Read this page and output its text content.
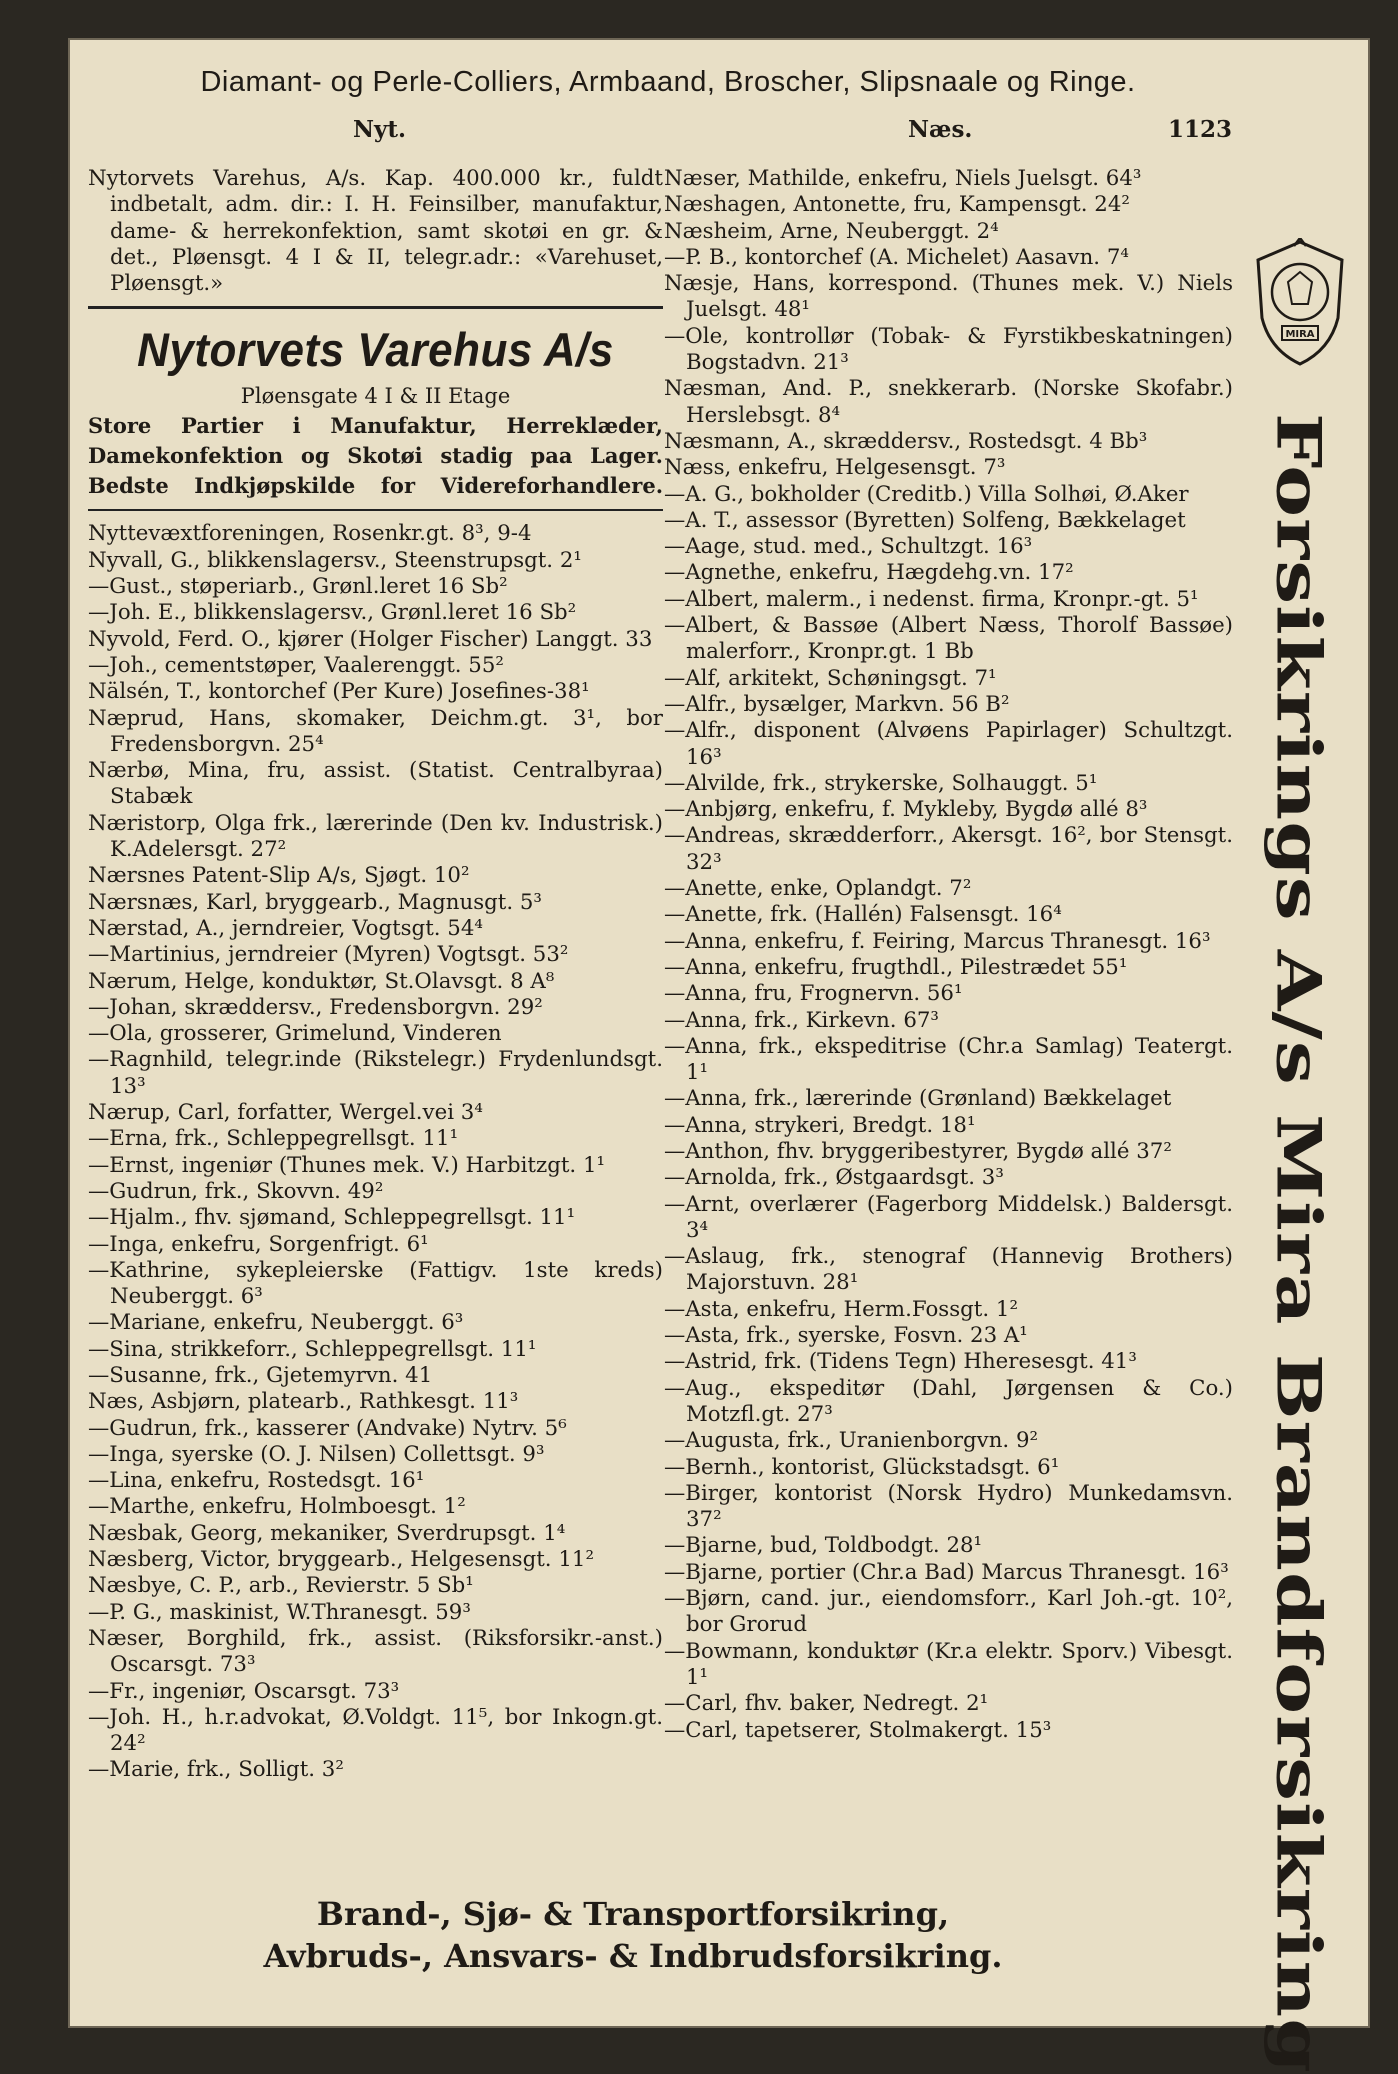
Diamant- og Perle-Colliers, Armbaand, Broscher, Slipsnaale og Ringe.
Nyt.	Næs.	1123
Nytorvets Varehus, A/s. Kap. 400.000 kr., fuldt indbetalt, adm. dir.: I. H. Feinsilber, manufaktur, dame- & herrekonfektion, samt skotøi en gr. & det., Pløensgt. 4 I & II, telegr.adr.: «Varehuset, Pløensgt.»
Nytorvets Varehus A/s
Pløensgate 4 I & II Etage
Store Partier i Manufaktur, Herreklæder,
Damekonfektion og Skotøi stadig paa Lager.
Bedste Indkjøpskilde for Videreforhandlere.
Nyttevæxtforeningen, Rosenkr.gt. 8³, 9-4
Nyvall, G., blikkenslagersv., Steenstrupsgt. 2¹
—Gust., støperiarb., Grønl.leret 16 Sb²
—Joh. E., blikkenslagersv., Grønl.leret 16 Sb²
Nyvold, Ferd. O., kjører (Holger Fischer) Langgt. 33
—Joh., cementstøper, Vaalerenggt. 55²
Nälsén, T., kontorchef (Per Kure) Josefines-38¹
Næprud, Hans, skomaker, Deichm.gt. 3¹, bor Fredensborgvn. 25⁴
Nærbø, Mina, fru, assist. (Statist. Centralbyraa) Stabæk
Næristorp, Olga frk., lærerinde (Den kv. Industrisk.) K.Adelersgt. 27²
Nærsnes Patent-Slip A/s, Sjøgt. 10²
Nærsnæs, Karl, bryggearb., Magnusgt. 5³
Nærstad, A., jerndreier, Vogtsgt. 54⁴
—Martinius, jerndreier (Myren) Vogtsgt. 53²
Nærum, Helge, konduktør, St.Olavsgt. 8 A⁸
—Johan, skræddersv., Fredensborgvn. 29²
—Ola, grosserer, Grimelund, Vinderen
—Ragnhild, telegr.inde (Rikstelegr.) Frydenlundsgt. 13³
Nærup, Carl, forfatter, Wergel.vei 3⁴
—Erna, frk., Schleppegrellsgt. 11¹
—Ernst, ingeniør (Thunes mek. V.) Harbitzgt. 1¹
—Gudrun, frk., Skovvn. 49²
—Hjalm., fhv. sjømand, Schleppegrellsgt. 11¹
—Inga, enkefru, Sorgenfrigt. 6¹
—Kathrine, sykepleierske (Fattigv. 1ste kreds) Neuberggt. 6³
—Mariane, enkefru, Neuberggt. 6³
—Sina, strikkeforr., Schleppegrellsgt. 11¹
—Susanne, frk., Gjetemyrvn. 41
Næs, Asbjørn, platearb., Rathkesgt. 11³
—Gudrun, frk., kasserer (Andvake) Nytrv. 5⁶
—Inga, syerske (O. J. Nilsen) Collettsgt. 9³
—Lina, enkefru, Rostedsgt. 16¹
—Marthe, enkefru, Holmboesgt. 1²
Næsbak, Georg, mekaniker, Sverdrupsgt. 1⁴
Næsberg, Victor, bryggearb., Helgesensgt. 11²
Næsbye, C. P., arb., Revierstr. 5 Sb¹
—P. G., maskinist, W.Thranesgt. 59³
Næser, Borghild, frk., assist. (Riksforsikr.-anst.) Oscarsgt. 73³
—Fr., ingeniør, Oscarsgt. 73³
—Joh. H., h.r.advokat, Ø.Voldgt. 11⁵, bor Inkogn.gt. 24²
—Marie, frk., Solligt. 3²
Næser, Mathilde, enkefru, Niels Juelsgt. 64³
Næshagen, Antonette, fru, Kampensgt. 24²
Næsheim, Arne, Neuberggt. 2⁴
—P. B., kontorchef (A. Michelet) Aasavn. 7⁴
Næsje, Hans, korrespond. (Thunes mek. V.) Niels Juelsgt. 48¹
—Ole, kontrollør (Tobak- & Fyrstikbeskatningen) Bogstadvn. 21³
Næsman, And. P., snekkerarb. (Norske Skofabr.) Herslebsgt. 8⁴
Næsmann, A., skræddersv., Rostedsgt. 4 Bb³
Næss, enkefru, Helgesensgt. 7³
—A. G., bokholder (Creditb.) Villa Solhøi, Ø.Aker
—A. T., assessor (Byretten) Solfeng, Bækkelaget
—Aage, stud. med., Schultzgt. 16³
—Agnethe, enkefru, Hægdehg.vn. 17²
—Albert, malerm., i nedenst. firma, Kronpr.-gt. 5¹
—Albert, & Bassøe (Albert Næss, Thorolf Bassøe) malerforr., Kronpr.gt. 1 Bb
—Alf, arkitekt, Schøningsgt. 7¹
—Alfr., bysælger, Markvn. 56 B²
—Alfr., disponent (Alvøens Papirlager) Schultzgt. 16³
—Alvilde, frk., strykerske, Solhauggt. 5¹
—Anbjørg, enkefru, f. Mykleby, Bygdø allé 8³
—Andreas, skrædderforr., Akersgt. 16², bor Stensgt. 32³
—Anette, enke, Oplandgt. 7²
—Anette, frk. (Hallén) Falsensgt. 16⁴
—Anna, enkefru, f. Feiring, Marcus Thranesgt. 16³
—Anna, enkefru, frugthdl., Pilestrædet 55¹
—Anna, fru, Frognervn. 56¹
—Anna, frk., Kirkevn. 67³
—Anna, frk., ekspeditrise (Chr.a Samlag) Teatergt. 1¹
—Anna, frk., lærerinde (Grønland) Bækkelaget
—Anna, strykeri, Bredgt. 18¹
—Anthon, fhv. bryggeribestyrer, Bygdø allé 37²
—Arnolda, frk., Østgaardsgt. 3³
—Arnt, overlærer (Fagerborg Middelsk.) Baldersgt. 3⁴
—Aslaug, frk., stenograf (Hannevig Brothers) Majorstuvn. 28¹
—Asta, enkefru, Herm.Fossgt. 1²
—Asta, frk., syerske, Fosvn. 23 A¹
—Astrid, frk. (Tidens Tegn) Hheresesgt. 41³
—Aug., ekspeditør (Dahl, Jørgensen & Co.) Motzfl.gt. 27³
—Augusta, frk., Uranienborgvn. 9²
—Bernh., kontorist, Glückstadsgt. 6¹
—Birger, kontorist (Norsk Hydro) Munkedamsvn. 37²
—Bjarne, bud, Toldbodgt. 28¹
—Bjarne, portier (Chr.a Bad) Marcus Thranesgt. 16³
—Bjørn, cand. jur., eiendomsforr., Karl Joh.-gt. 10², bor Grorud
—Bowmann, konduktør (Kr.a elektr. Sporv.) Vibesgt. 1¹
—Carl, fhv. baker, Nedregt. 2¹
—Carl, tapetserer, Stolmakergt. 15³
MIRA
Forsikrings A/s Mira Brandforsikring
Brand-, Sjø- & Transportforsikring,
Avbruds-, Ansvars- & Indbrudsforsikring.
